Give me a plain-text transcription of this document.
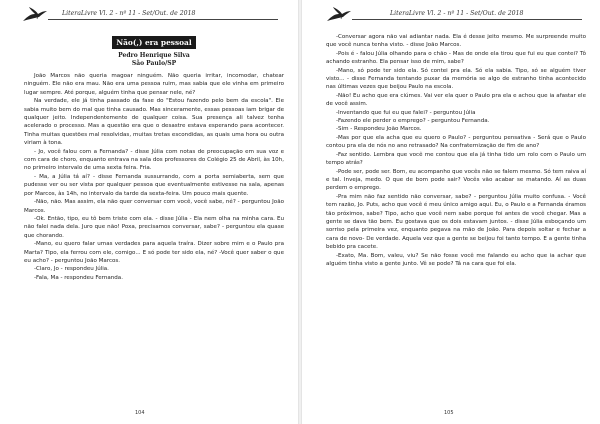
LiteraLivre Vl. 2 - nº 11 - Set/Out. de 2018
Não(,) era pessoal

Pedro Henrique Silva

São Paulo/SP

João Marcos não queria magoar ninguém. Não queria irritar, incomodar, chatear ninguém. Ele não era mau. Não era uma pessoa ruim, mas sabia que ele vinha em primeiro lugar sempre. Até porque, alguém tinha que pensar nele, né?

Na verdade, ele já tinha passado da fase do "Estou fazendo pelo bem da escola". Ele sabia muito bem do mal que tinha causado. Mas sinceramente, essas pessoas iam brigar de qualquer jeito. Independentemente de qualquer coisa. Sua presença ali talvez tenha acelerado o processo. Mas a questão era que o desastre estava esperando para acontecer. Tinha muitas questões mal resolvidas, muitas tretas escondidas, as quais uma hora ou outra viriam à tona.

- Jo, você falou com a Fernanda? - disse Júlia com notas de preocupação em sua voz e com cara de choro, enquanto entrava na sala dos professores do Colégio 25 de Abril, às 10h, no primeiro intervalo de uma sexta feira. Fria.

- Ma, a Júlia tá aí? - disse Fernanda sussurrando, com a porta semiaberta, sem que pudesse ver ou ser vista por qualquer pessoa que eventualmente estivesse na sala, apenas por Marcos, às 14h, no intervalo da tarde da sexta-feira. Um pouco mais quente.

-Não, não. Mas assim, ela não quer conversar com você, você sabe, né? - perguntou João Marcos.

-Ok. Então, tipo, eu tô bem triste com ela. - disse Júlia - Ela nem olha na minha cara. Eu não falei nada dela. Juro que não! Poxa, precisamos conversar, sabe? - perguntou ela quase que chorando.

-Mano, eu quero falar umas verdades para aquela traíra. Dizer sobre mim e o Paulo pra Marta? Tipo, ela ferrou com ele, comigo... E só pode ter sido ela, né? -Você quer saber o que eu acho? - perguntou João Marcos.

-Claro, Jo - respondeu Júlia.

-Fala, Ma - respondeu Fernanda.

104
LiteraLivre Vl. 2 - nº 11 - Set/Out. de 2018

-Conversar agora não vai adiantar nada. Ela é desse jeito mesmo. Me surpreende muito que você nunca tenha visto. - disse João Marcos.

-Pois é - falou Júlia olhando para o chão - Mas de onde ela tirou que fui eu que contei? Tô achando estranho. Ela pensar isso de mim, sabe?

-Mano, só pode ter sido ela. Só contei pra ela. Só ela sabia. Tipo, só se alguém tiver visto... - disse Fernanda tentando puxar da memória se algo de estranho tinha acontecido nas últimas vezes que beijou Paulo na escola.

-Não! Eu acho que era ciúmes. Vai ver ela quer o Paulo pra ela e achou que ia afastar ele de você assim.

-Inventando que fui eu que falei? - perguntou Júlia

-Fazendo ele perder o emprego? - perguntou Fernanda.

-Sim - Respondeu João Marcos.

-Mas por que ela acha que eu quero o Paulo? - perguntou pensativa - Será que o Paulo contou pra ela de nós no ano retrasado? Na confraternização de fim de ano?

-Faz sentido. Lembra que você me contou que ela já tinha tido um rolo com o Paulo um tempo atrás?

-Pode ser, pode ser. Bom, eu acompanho que vocês não se falem mesmo. Só tem raiva aí e tal. Inveja, medo. O que de bom pode sair? Vocês vão acabar se matando. Aí as duas perdem o emprego.

-Pra mim não faz sentido não conversar, sabe? - perguntou Júlia muito confusa. - Você tem razão, Jo. Puts, acho que você é meu único amigo aqui. Eu, o Paulo e a Fernanda éramos tão próximos, sabe? Tipo, acho que você nem sabe porque foi antes de você chegar. Mas a gente se dava tão bem. Eu gostava que os dois estavam juntos. - disse Júlia esboçando um sorriso pela primeira vez, enquanto pegava na mão de João. Para depois soltar e fechar a cara de novo- De verdade. Aquela vez que a gente se beijou foi tanto tempo. E a gente tinha bebido pra cacete.

-Exato, Ma. Bom, valeu, viu? Se não fosse você me falando eu acho que ia achar que alguém tinha visto a gente junto. Vê se pode? Tá na cara que foi ela.

105
